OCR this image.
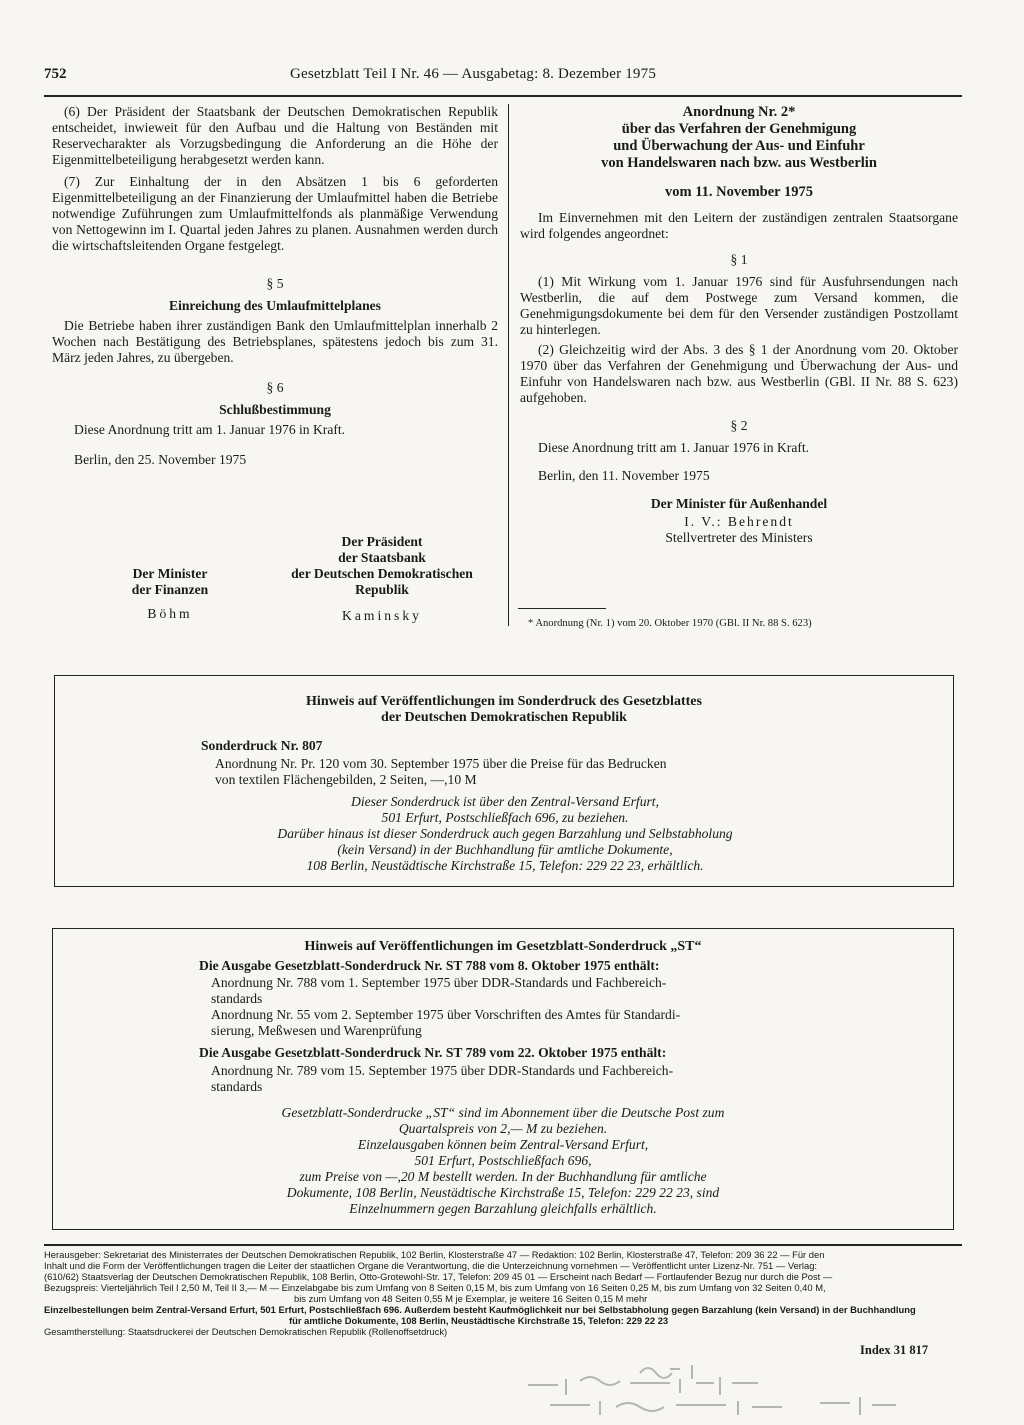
752	Gesetzblatt Teil I Nr. 46 — Ausgabetag: 8. Dezember 1975

(6) Der Präsident der Staatsbank der Deutschen Demokratischen Republik entscheidet, inwieweit für den Aufbau und die Haltung von Beständen mit Reservecharakter als Vorzugsbedingung die Anforderung an die Höhe der Eigenmittelbeteiligung herabgesetzt werden kann.

(7) Zur Einhaltung der in den Absätzen 1 bis 6 geforderten Eigenmittelbeteiligung an der Finanzierung der Umlaufmittel haben die Betriebe notwendige Zuführungen zum Umlaufmittelfonds als planmäßige Verwendung von Nettogewinn im I. Quartal jeden Jahres zu planen. Ausnahmen werden durch die wirtschaftsleitenden Organe festgelegt.

§ 5

Einreichung des Umlaufmittelplanes

Die Betriebe haben ihrer zuständigen Bank den Umlaufmittelplan innerhalb 2 Wochen nach Bestätigung des Betriebsplanes, spätestens jedoch bis zum 31. März jeden Jahres, zu übergeben.

§ 6

Schlußbestimmung

Diese Anordnung tritt am 1. Januar 1976 in Kraft.

Berlin, den 25. November 1975

Der Minister
der Finanzen
Böhm
Der Präsident
der Staatsbank
der Deutschen Demokratischen
Republik
Kaminsky
Anordnung Nr. 2*
über das Verfahren der Genehmigung
und Überwachung der Aus- und Einfuhr
von Handelswaren nach bzw. aus Westberlin
vom 11. November 1975

Im Einvernehmen mit den Leitern der zuständigen zentralen Staatsorgane wird folgendes angeordnet:

§ 1

(1) Mit Wirkung vom 1. Januar 1976 sind für Ausfuhrsendungen nach Westberlin, die auf dem Postwege zum Versand kommen, die Genehmigungsdokumente bei dem für den Versender zuständigen Postzollamt zu hinterlegen.

(2) Gleichzeitig wird der Abs. 3 des § 1 der Anordnung vom 20. Oktober 1970 über das Verfahren der Genehmigung und Überwachung der Aus- und Einfuhr von Handelswaren nach bzw. aus Westberlin (GBl. II Nr. 88 S. 623) aufgehoben.

§ 2

Diese Anordnung tritt am 1. Januar 1976 in Kraft.

Berlin, den 11. November 1975

Der Minister für Außenhandel

I. V.: Behrendt

Stellvertreter des Ministers

* Anordnung (Nr. 1) vom 20. Oktober 1970 (GBl. II Nr. 88 S. 623)
Hinweis auf Veröffentlichungen im Sonderdruck des Gesetzblattes
der Deutschen Demokratischen Republik
Sonderdruck Nr. 807
Anordnung Nr. Pr. 120 vom 30. September 1975 über die Preise für das Bedrucken
von textilen Flächengebilden, 2 Seiten, —,10 M
Dieser Sonderdruck ist über den Zentral-Versand Erfurt,
501 Erfurt, Postschließfach 696, zu beziehen.
Darüber hinaus ist dieser Sonderdruck auch gegen Barzahlung und Selbstabholung
(kein Versand) in der Buchhandlung für amtliche Dokumente,
108 Berlin, Neustädtische Kirchstraße 15, Telefon: 229 22 23, erhältlich.
Hinweis auf Veröffentlichungen im Gesetzblatt-Sonderdruck „ST“
Die Ausgabe Gesetzblatt-Sonderdruck Nr. ST 788 vom 8. Oktober 1975 enthält:
Anordnung Nr. 788 vom 1. September 1975 über DDR-Standards und Fachbereich-
standards
Anordnung Nr. 55 vom 2. September 1975 über Vorschriften des Amtes für Standardi-
sierung, Meßwesen und Warenprüfung
Die Ausgabe Gesetzblatt-Sonderdruck Nr. ST 789 vom 22. Oktober 1975 enthält:
Anordnung Nr. 789 vom 15. September 1975 über DDR-Standards und Fachbereich-
standards
Gesetzblatt-Sonderdrucke „ST“ sind im Abonnement über die Deutsche Post zum
Quartalspreis von 2,— M zu beziehen.
Einzelausgaben können beim Zentral-Versand Erfurt,
501 Erfurt, Postschließfach 696,
zum Preise von —,20 M bestellt werden. In der Buchhandlung für amtliche
Dokumente, 108 Berlin, Neustädtische Kirchstraße 15, Telefon: 229 22 23, sind
Einzelnummern gegen Barzahlung gleichfalls erhältlich.
Herausgeber: Sekretariat des Ministerrates der Deutschen Demokratischen Republik, 102 Berlin, Klosterstraße 47 — Redaktion: 102 Berlin, Klosterstraße 47, Telefon: 209 36 22 — Für den
Inhalt und die Form der Veröffentlichungen tragen die Leiter der staatlichen Organe die Verantwortung, die die Unterzeichnung vornehmen — Veröffentlicht unter Lizenz-Nr. 751 — Verlag:
(610/62) Staatsverlag der Deutschen Demokratischen Republik, 108 Berlin, Otto-Grotewohl-Str. 17, Telefon: 209 45 01 — Erscheint nach Bedarf — Fortlaufender Bezug nur durch die Post —
Bezugspreis: Vierteljährlich Teil I 2,50 M, Teil II 3,— M — Einzelabgabe bis zum Umfang von 8 Seiten 0,15 M, bis zum Umfang von 16 Seiten 0,25 M, bis zum Umfang von 32 Seiten 0,40 M,
bis zum Umfang von 48 Seiten 0,55 M je Exemplar, je weitere 16 Seiten 0,15 M mehr
Einzelbestellungen beim Zentral-Versand Erfurt, 501 Erfurt, Postschließfach 696. Außerdem besteht Kaufmöglichkeit nur bei Selbstabholung gegen Barzahlung (kein Versand) in der Buchhandlung
für amtliche Dokumente, 108 Berlin, Neustädtische Kirchstraße 15, Telefon: 229 22 23
Gesamtherstellung: Staatsdruckerei der Deutschen Demokratischen Republik (Rollenoffsetdruck)
Index 31 817
